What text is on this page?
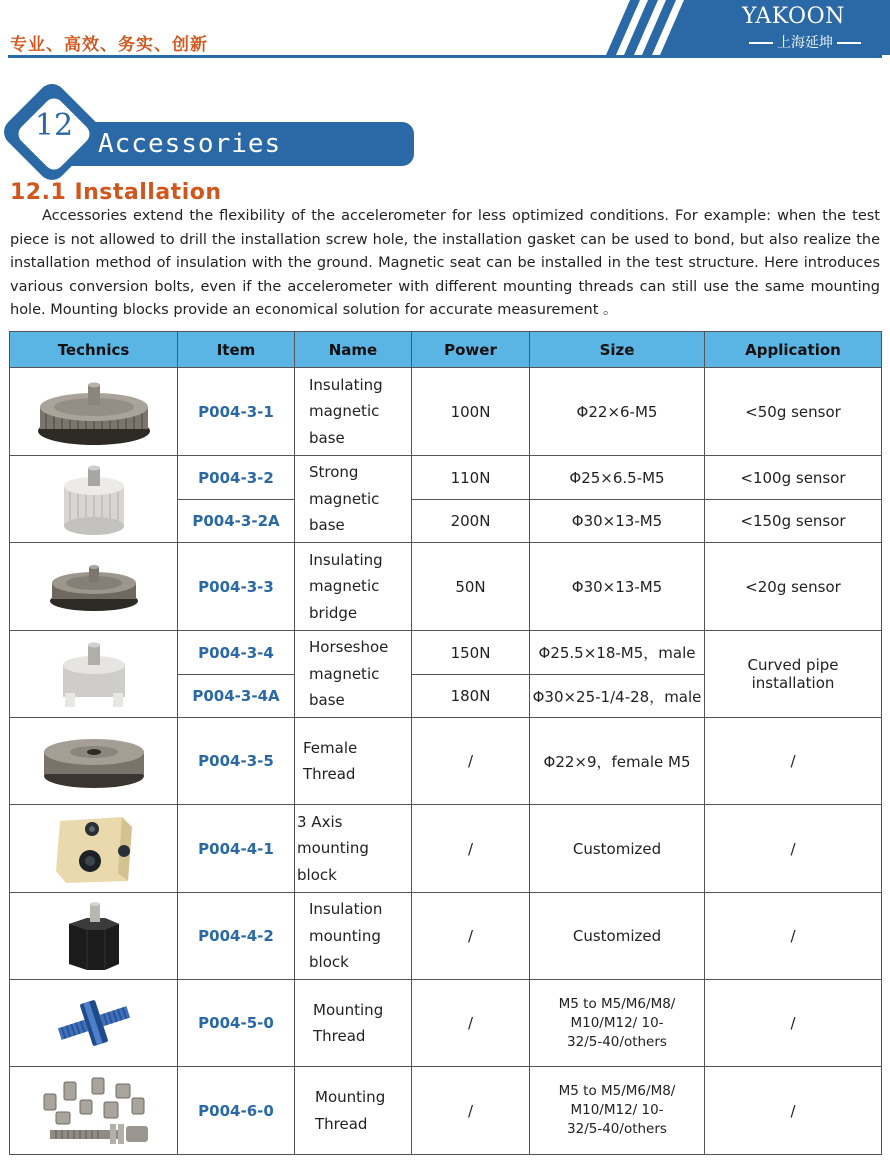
专业、高效、务实、创新
YAKOON
上海延坤
Accessories
12
12.1 Installation
Accessories extend the flexibility of the accelerometer for less optimized conditions. For example: when the test piece is not allowed to drill the installation screw hole, the installation gasket can be used to bond, but also realize the installation method of insulation with the ground. Magnetic seat can be installed in the test structure. Here introduces various conversion bolts, even if the accelerometer with different mounting threads can still use the same mounting hole. Mounting blocks provide an economical solution for accurate measurement 。
Technics	Item	Name	Power	Size	Application

	P004-3-1	Insulating magnetic base	100N	Φ22×6-M5	<50g sensor

	P004-3-2	Strong magnetic base	110N	Φ25×6.5-M5	<100g sensor
	P004-3-2A		200N	Φ30×13-M5	<150g sensor

	P004-3-3	Insulating magnetic bridge	50N	Φ30×13-M5	<20g sensor

	P004-3-4	Horseshoe magnetic base	150N	Φ25.5×18-M5，male	Curved pipe installation
	P004-3-4A		180N	Φ30×25-1/4-28，male	

	P004-3-5	Female Thread	/	Φ22×9，female M5	/

	P004-4-1	3 Axis mounting block	/	Customized	/

	P004-4-2	Insulation mounting block	/	Customized	/

	P004-5-0	Mounting Thread	/	M5 to M5/M6/M8/ M10/M12/ 10-32/5-40/others	/

	P004-6-0	Mounting Thread	/	M5 to M5/M6/M8/ M10/M12/ 10-32/5-40/others	/
